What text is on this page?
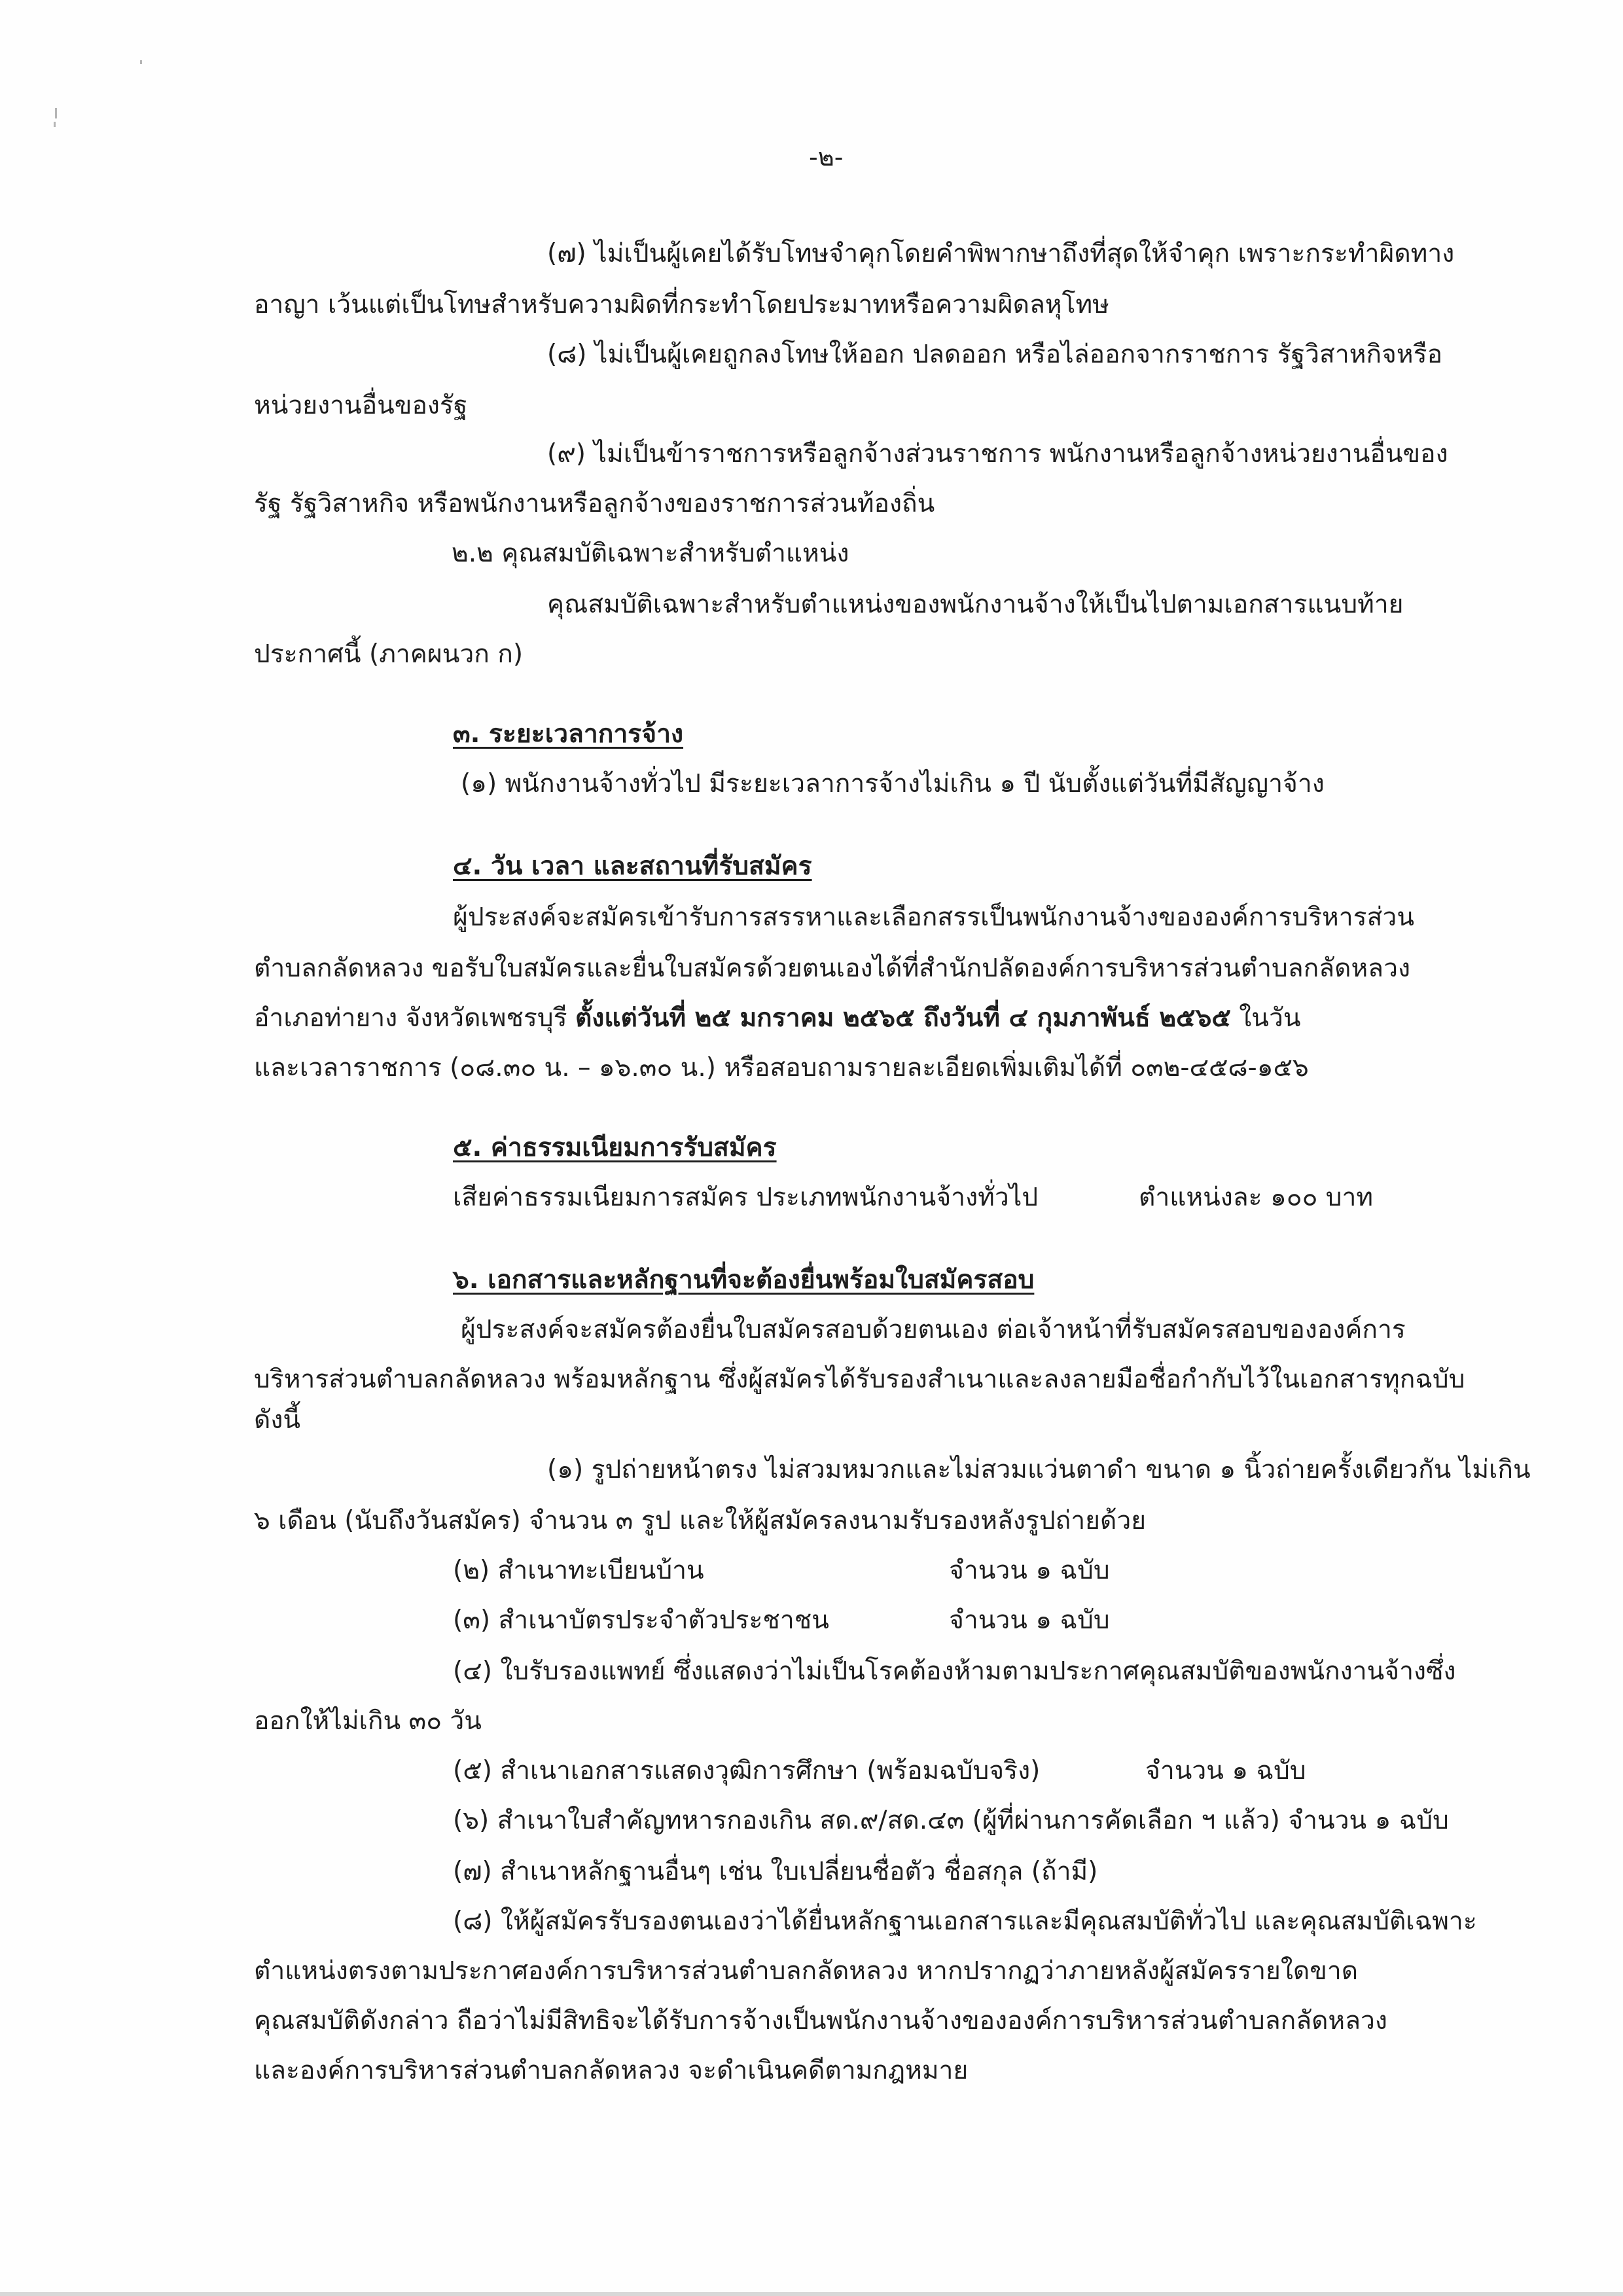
-๒-

(๗) ไม่เป็นผู้เคยได้รับโทษจำคุกโดยคำพิพากษาถึงที่สุดให้จำคุก เพราะกระทำผิดทาง

อาญา เว้นแต่เป็นโทษสำหรับความผิดที่กระทำโดยประมาทหรือความผิดลหุโทษ

(๘) ไม่เป็นผู้เคยถูกลงโทษให้ออก ปลดออก หรือไล่ออกจากราชการ รัฐวิสาหกิจหรือ

หน่วยงานอื่นของรัฐ

(๙) ไม่เป็นข้าราชการหรือลูกจ้างส่วนราชการ พนักงานหรือลูกจ้างหน่วยงานอื่นของ

รัฐ รัฐวิสาหกิจ หรือพนักงานหรือลูกจ้างของราชการส่วนท้องถิ่น

๒.๒ คุณสมบัติเฉพาะสำหรับตำแหน่ง

คุณสมบัติเฉพาะสำหรับตำแหน่งของพนักงานจ้างให้เป็นไปตามเอกสารแนบท้าย

ประกาศนี้ (ภาคผนวก ก)

๓. ระยะเวลาการจ้าง

(๑) พนักงานจ้างทั่วไป มีระยะเวลาการจ้างไม่เกิน ๑ ปี นับตั้งแต่วันที่มีสัญญาจ้าง

๔. วัน เวลา และสถานที่รับสมัคร

ผู้ประสงค์จะสมัครเข้ารับการสรรหาและเลือกสรรเป็นพนักงานจ้างขององค์การบริหารส่วน

ตำบลกลัดหลวง ขอรับใบสมัครและยื่นใบสมัครด้วยตนเองได้ที่สำนักปลัดองค์การบริหารส่วนตำบลกลัดหลวง

อำเภอท่ายาง จังหวัดเพชรบุรี ตั้งแต่วันที่ ๒๕ มกราคม ๒๕๖๕ ถึงวันที่ ๔ กุมภาพันธ์ ๒๕๖๕ ในวัน

และเวลาราชการ (๐๘.๓๐ น. – ๑๖.๓๐ น.) หรือสอบถามรายละเอียดเพิ่มเติมได้ที่ ๐๓๒-๔๕๘-๑๕๖

๕. ค่าธรรมเนียมการรับสมัคร

เสียค่าธรรมเนียมการสมัคร ประเภทพนักงานจ้างทั่วไป	ตำแหน่งละ ๑๐๐ บาท

๖. เอกสารและหลักฐานที่จะต้องยื่นพร้อมใบสมัครสอบ

ผู้ประสงค์จะสมัครต้องยื่นใบสมัครสอบด้วยตนเอง ต่อเจ้าหน้าที่รับสมัครสอบขององค์การ

บริหารส่วนตำบลกลัดหลวง พร้อมหลักฐาน ซึ่งผู้สมัครได้รับรองสำเนาและลงลายมือชื่อกำกับไว้ในเอกสารทุกฉบับ

ดังนี้

(๑) รูปถ่ายหน้าตรง ไม่สวมหมวกและไม่สวมแว่นตาดำ ขนาด ๑ นิ้วถ่ายครั้งเดียวกัน ไม่เกิน

๖ เดือน (นับถึงวันสมัคร) จำนวน ๓ รูป และให้ผู้สมัครลงนามรับรองหลังรูปถ่ายด้วย

(๒) สำเนาทะเบียนบ้าน	จำนวน ๑ ฉบับ

(๓) สำเนาบัตรประจำตัวประชาชน	จำนวน ๑ ฉบับ

(๔) ใบรับรองแพทย์ ซึ่งแสดงว่าไม่เป็นโรคต้องห้ามตามประกาศคุณสมบัติของพนักงานจ้างซึ่ง

ออกให้ไม่เกิน ๓๐ วัน

(๕) สำเนาเอกสารแสดงวุฒิการศึกษา (พร้อมฉบับจริง)	จำนวน ๑ ฉบับ

(๖) สำเนาใบสำคัญทหารกองเกิน สด.๙/สด.๔๓ (ผู้ที่ผ่านการคัดเลือก ฯ แล้ว) จำนวน ๑ ฉบับ

(๗) สำเนาหลักฐานอื่นๆ เช่น ใบเปลี่ยนชื่อตัว ชื่อสกุล (ถ้ามี)

(๘) ให้ผู้สมัครรับรองตนเองว่าได้ยื่นหลักฐานเอกสารและมีคุณสมบัติทั่วไป และคุณสมบัติเฉพาะ

ตำแหน่งตรงตามประกาศองค์การบริหารส่วนตำบลกลัดหลวง หากปรากฏว่าภายหลังผู้สมัครรายใดขาด

คุณสมบัติดังกล่าว ถือว่าไม่มีสิทธิจะได้รับการจ้างเป็นพนักงานจ้างขององค์การบริหารส่วนตำบลกลัดหลวง

และองค์การบริหารส่วนตำบลกลัดหลวง จะดำเนินคดีตามกฎหมาย
